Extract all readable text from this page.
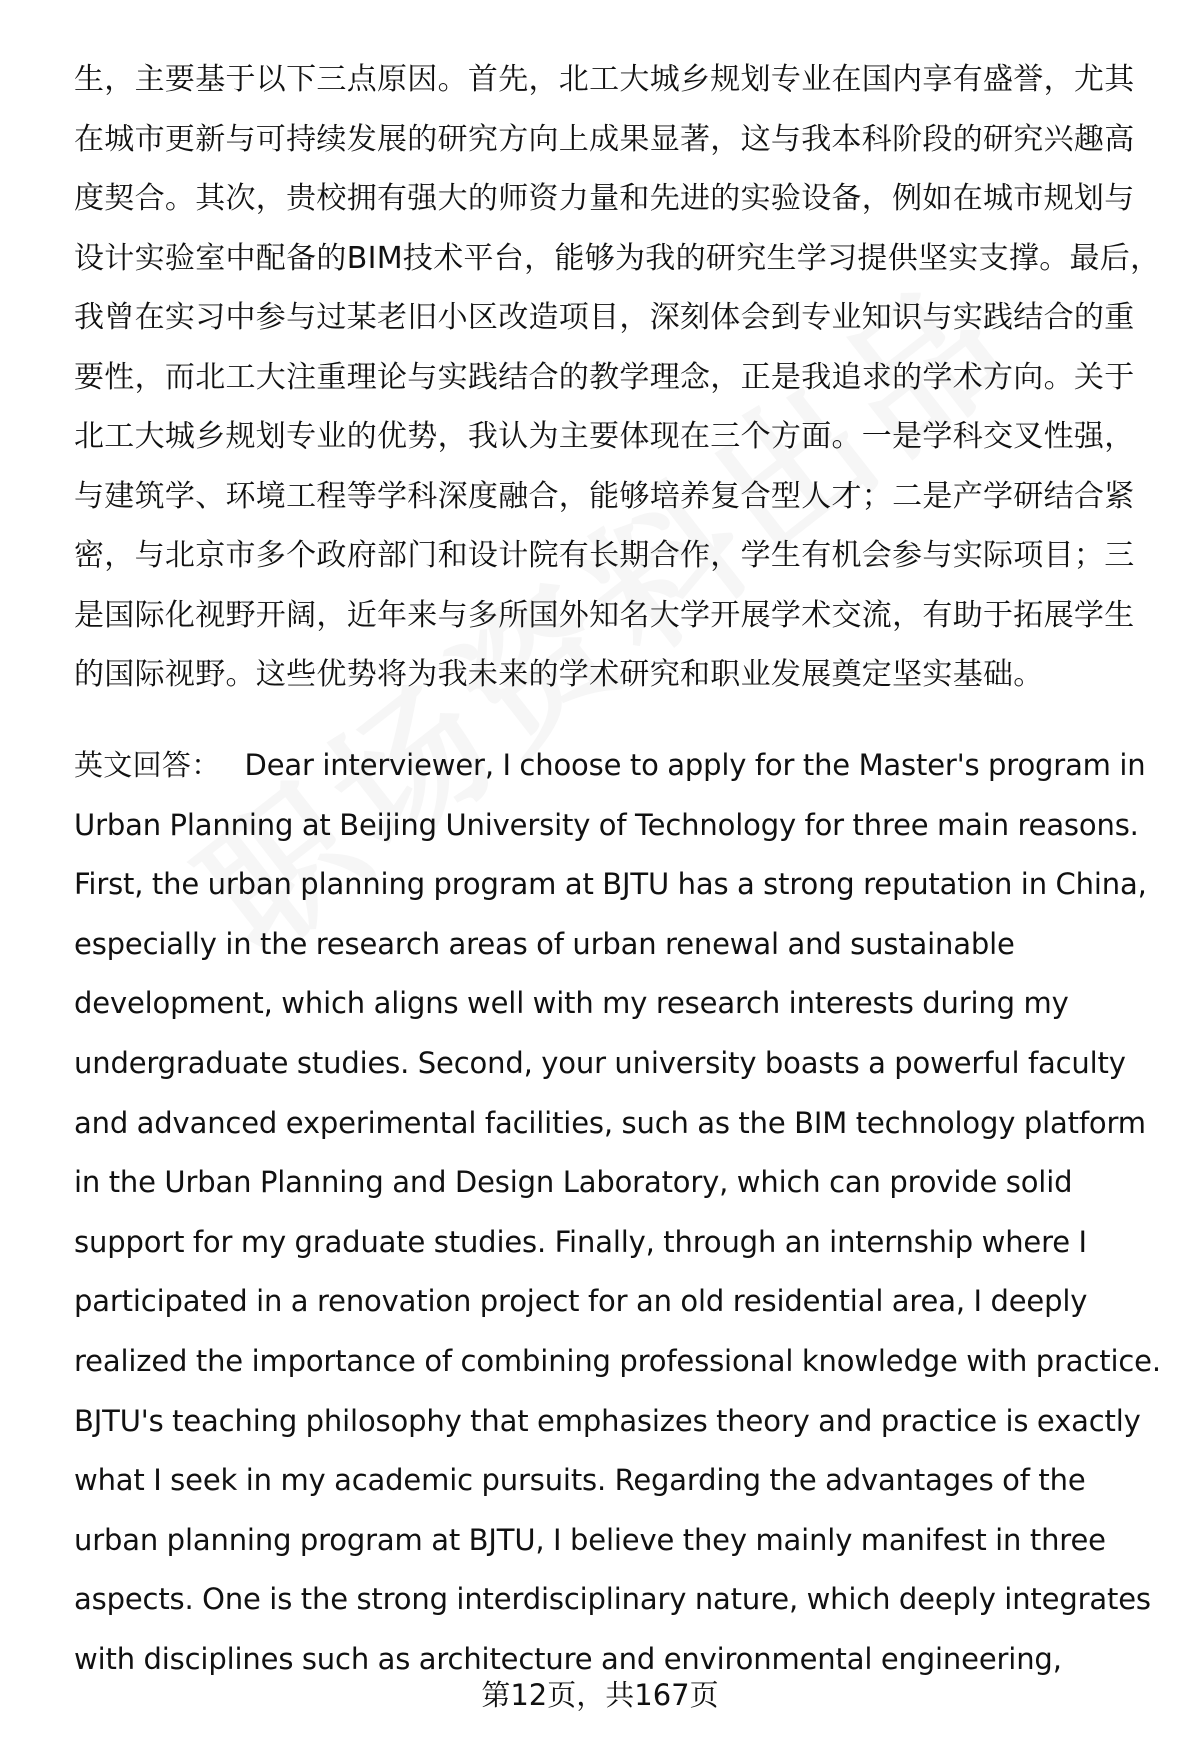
生，主要基于以下三点原因。首先，北工大城乡规划专业在国内享有盛誉，尤其在城市更新与可持续发展的研究方向上成果显著，这与我本科阶段的研究兴趣高度契合。其次，贵校拥有强大的师资力量和先进的实验设备，例如在城市规划与设计实验室中配备的BIM技术平台，能够为我的研究生学习提供坚实支撑。最后，我曾在实习中参与过某老旧小区改造项目，深刻体会到专业知识与实践结合的重要性，而北工大注重理论与实践结合的教学理念，正是我追求的学术方向。关于北工大城乡规划专业的优势，我认为主要体现在三个方面。一是学科交叉性强，与建筑学、环境工程等学科深度融合，能够培养复合型人才；二是产学研结合紧密，与北京市多个政府部门和设计院有长期合作，学生有机会参与实际项目；三是国际化视野开阔，近年来与多所国外知名大学开展学术交流，有助于拓展学生的国际视野。这些优势将为我未来的学术研究和职业发展奠定坚实基础。

英文回答： Dear interviewer, I choose to apply for the Master's program in Urban Planning at Beijing University of Technology for three main reasons. First, the urban planning program at BJTU has a strong reputation in China, especially in the research areas of urban renewal and sustainable development, which aligns well with my research interests during my undergraduate studies. Second, your university boasts a powerful faculty and advanced experimental facilities, such as the BIM technology platform in the Urban Planning and Design Laboratory, which can provide solid support for my graduate studies. Finally, through an internship where I participated in a renovation project for an old residential area, I deeply realized the importance of combining professional knowledge with practice. BJTU's teaching philosophy that emphasizes theory and practice is exactly what I seek in my academic pursuits. Regarding the advantages of the urban planning program at BJTU, I believe they mainly manifest in three aspects. One is the strong interdisciplinary nature, which deeply integrates with disciplines such as architecture and environmental engineering,

第12页，共167页
